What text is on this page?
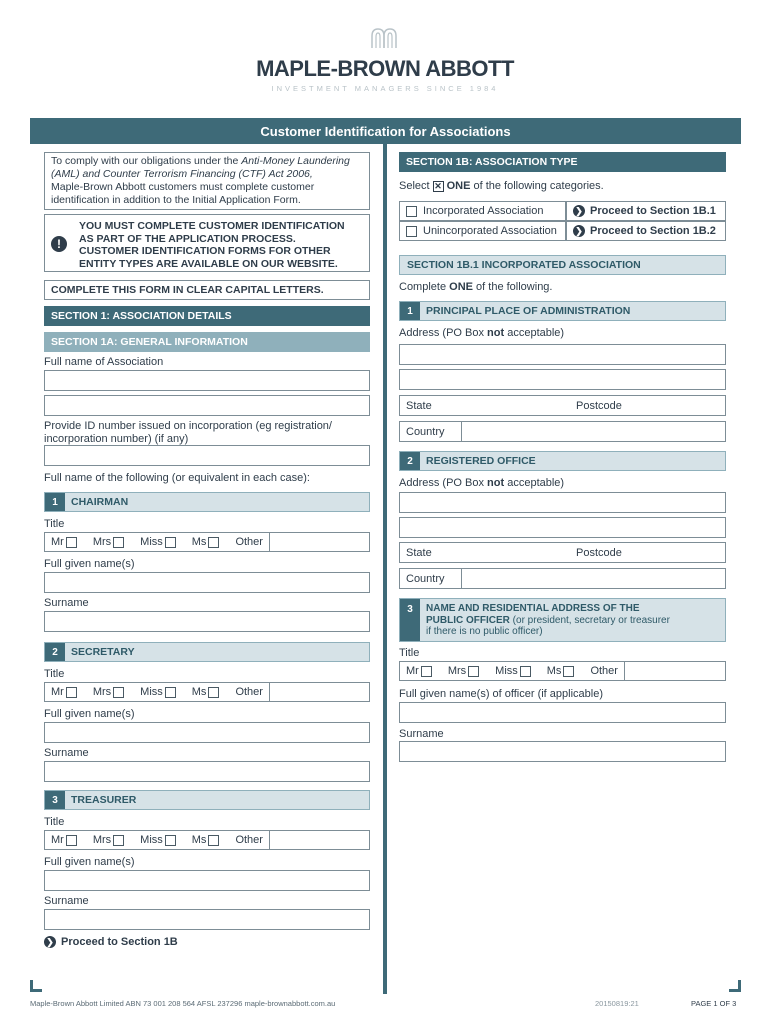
MAPLE-BROWN ABBOTT
INVESTMENT MANAGERS SINCE 1984
Customer Identification for Associations
To comply with our obligations under the Anti-Money Laundering
(AML) and Counter Terrorism Financing (CTF) Act 2006,
Maple-Brown Abbott customers must complete customer
identification in addition to the Initial Application Form.
!
YOU MUST COMPLETE CUSTOMER IDENTIFICATION
AS PART OF THE APPLICATION PROCESS.
CUSTOMER IDENTIFICATION FORMS FOR OTHER
ENTITY TYPES ARE AVAILABLE ON OUR WEBSITE.
COMPLETE THIS FORM IN CLEAR CAPITAL LETTERS.
SECTION 1: ASSOCIATION DETAILS
SECTION 1A: GENERAL INFORMATION
Full name of Association
Provide ID number issued on incorporation (eg registration/
incorporation number) (if any)
Full name of the following (or equivalent in each case):
1	CHAIRMAN
Title
Mr	Mrs	Miss	Ms	Other
Full given name(s)
Surname
2	SECRETARY
Title
Mr	Mrs	Miss	Ms	Other
Full given name(s)
Surname
3	TREASURER
Title
Mr	Mrs	Miss	Ms	Other
Full given name(s)
Surname
❯ Proceed to Section 1B
SECTION 1B: ASSOCIATION TYPE
Select ✕ ONE
of the following categories.
Incorporated Association	❯ Proceed to Section 1B.1
Unincorporated Association ❯ Proceed to Section 1B.2
SECTION 1B.1 INCORPORATED ASSOCIATION
Complete ONE of the following.
1	PRINCIPAL PLACE OF ADMINISTRATION
Address (PO Box not acceptable)
State	Postcode
Country
2	REGISTERED OFFICE
Address (PO Box not acceptable)
State	Postcode
Country
3	NAME AND RESIDENTIAL ADDRESS OF THE
PUBLIC OFFICER (or president, secretary or treasurer
if there is no public officer)
Title
Mr	Mrs	Miss	Ms	Other
Full given name(s) of officer (if applicable)
Surname
Maple-Brown Abbott Limited ABN 73 001 208 564 AFSL 237296 maple-brownabbott.com.au	20150819:21	PAGE 1 OF 3
